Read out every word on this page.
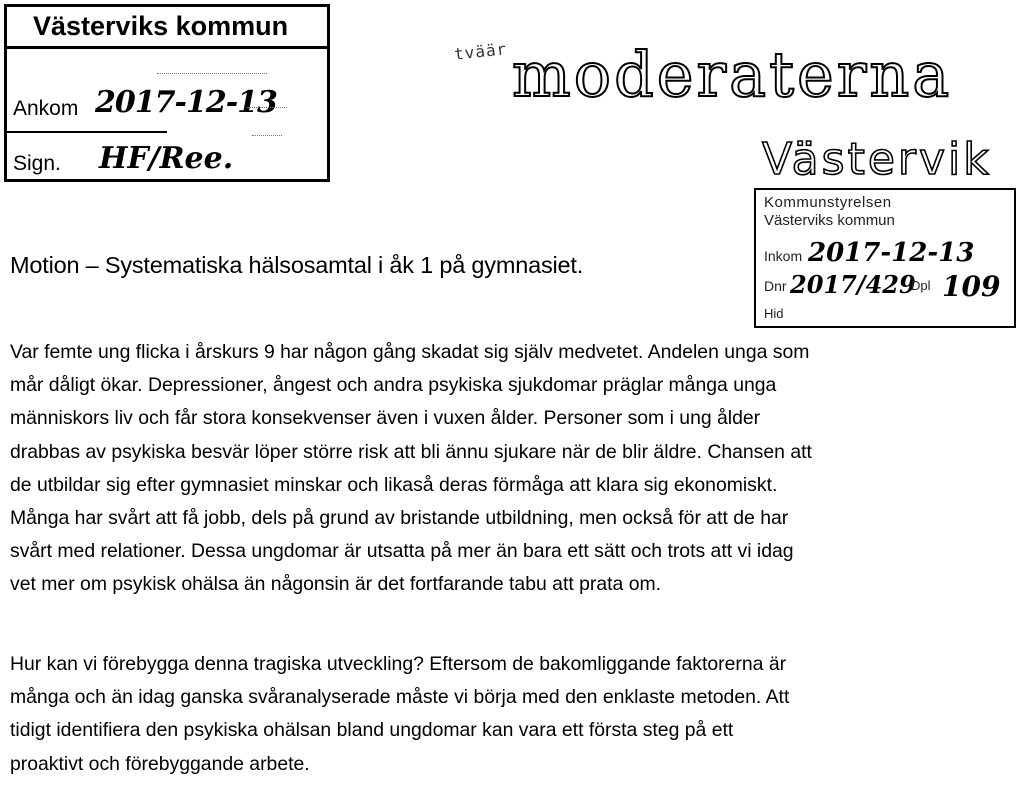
Västerviks kommun
Ankom 2017-12-13
Sign. HF/Ree.
tväär moderaterna
Västervik
Kommunstyrelsen
Västerviks kommun
Inkom 2017-12-13
Dnr 2017/429
Dpl 109
Hid
Motion – Systematiska hälsosamtal i åk 1 på gymnasiet.

Var femte ung flicka i årskurs 9 har någon gång skadat sig själv medvetet. Andelen unga som

mår dåligt ökar. Depressioner, ångest och andra psykiska sjukdomar präglar många unga

människors liv och får stora konsekvenser även i vuxen ålder. Personer som i ung ålder

drabbas av psykiska besvär löper större risk att bli ännu sjukare när de blir äldre. Chansen att

de utbildar sig efter gymnasiet minskar och likaså deras förmåga att klara sig ekonomiskt.

Många har svårt att få jobb, dels på grund av bristande utbildning, men också för att de har

svårt med relationer. Dessa ungdomar är utsatta på mer än bara ett sätt och trots att vi idag

vet mer om psykisk ohälsa än någonsin är det fortfarande tabu att prata om.

Hur kan vi förebygga denna tragiska utveckling? Eftersom de bakomliggande faktorerna är

många och än idag ganska svåranalyserade måste vi börja med den enklaste metoden. Att

tidigt identifiera den psykiska ohälsan bland ungdomar kan vara ett första steg på ett

proaktivt och förebyggande arbete.
